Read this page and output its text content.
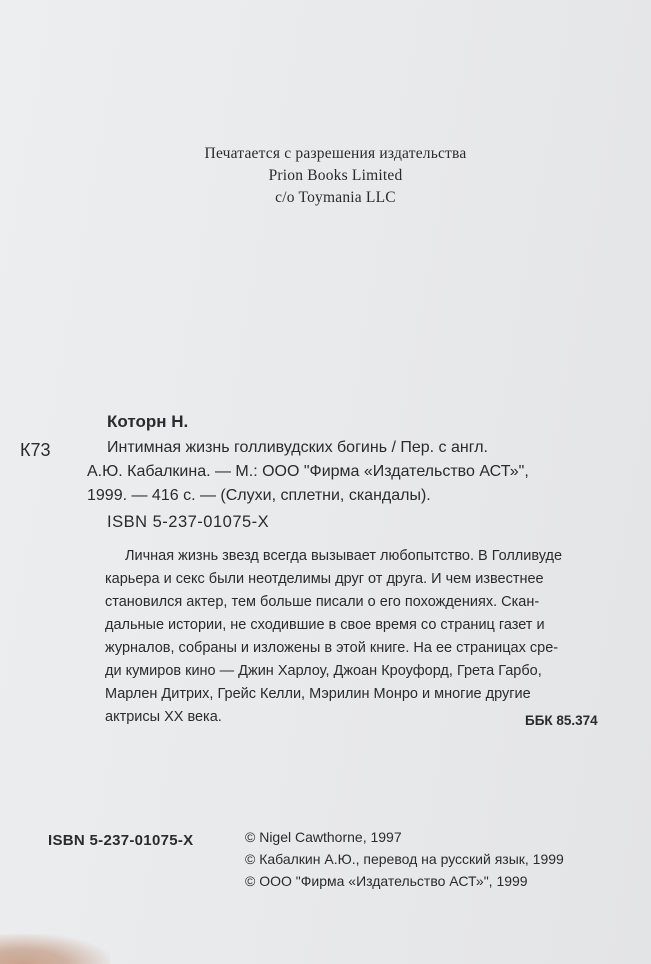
Печатается с разрешения издательства
Prion Books Limited
c/o Toymania LLC
Которн Н.
К73	Интимная жизнь голливудских богинь / Пер. с англ.
А.Ю. Кабалкина. — М.: ООО "Фирма «Издательство АСТ»",
1999. — 416 с. — (Слухи, сплетни, скандалы).
ISBN 5-237-01075-Х
Личная жизнь звезд всегда вызывает любопытство. В Голливуде
карьера и секс были неотделимы друг от друга. И чем известнее
становился актер, тем больше писали о его похождениях. Скан-
дальные истории, не сходившие в свое время со страниц газет и
журналов, собраны и изложены в этой книге. На ее страницах сре-
ди кумиров кино — Джин Харлоу, Джоан Кроуфорд, Грета Гарбо,
Марлен Дитрих, Грейс Келли, Мэрилин Монро и многие другие
актрисы XX века.	ББК 85.374
ISBN 5-237-01075-Х	© Nigel Cawthorne, 1997
© Кабалкин А.Ю., перевод на русский язык, 1999
© ООО "Фирма «Издательство АСТ»", 1999
